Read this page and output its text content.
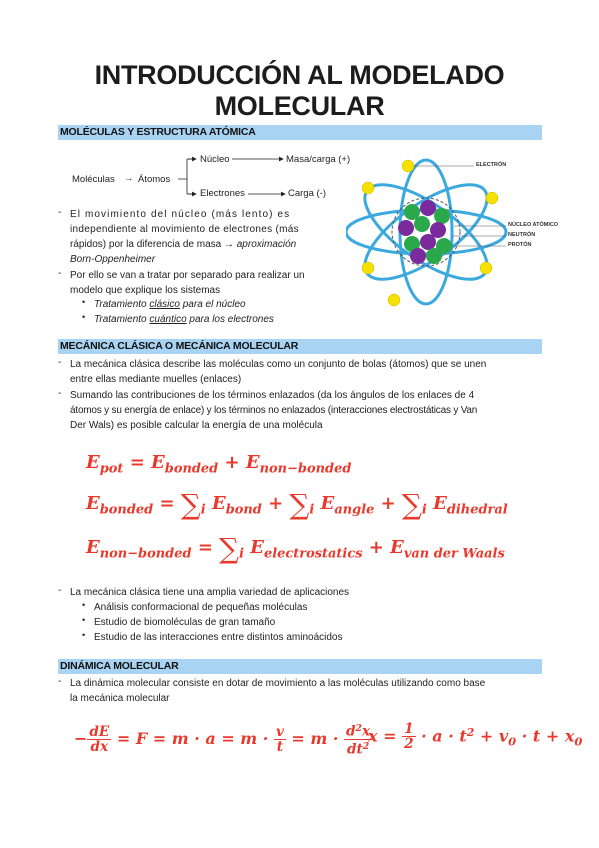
INTRODUCCIÓN AL MODELADO
MOLECULAR
MOLÉCULAS Y ESTRUCTURA ATÓMICA
Moléculas → Átomos
Núcleo	Masa/carga (+)
Electrones	Carga (-)
- El movimiento del núcleo (más lento) es
independiente al movimiento de electrones (más
rápidos) por la diferencia de masa → aproximación
Born-Oppenheimer
- Por ello se van a tratar por separado para realizar un
modelo que explique los sistemas
• Tratamiento clásico para el núcleo
• Tratamiento cuántico para los electrones
ELECTRÓN
NÚCLEO ATÓMICO
NEUTRÓN
PROTÓN
MECÁNICA CLÁSICA O MECÁNICA MOLECULAR
- La mecánica clásica describe las moléculas como un conjunto de bolas (átomos) que se unen
entre ellas mediante muelles (enlaces)
- Sumando las contribuciones de los términos enlazados (da los ángulos de los enlaces de 4
átomos y su energía de enlace) y los términos no enlazados (interacciones electrostáticas y Van
Der Wals) es posible calcular la energía de una molécula
$E_{pot} = E_{bonded} + E_{non-bonded}$
$E_{bonded} = \sum_i$ $E_{bond} + \sum_i$ $E_{angle} + \sum_i$ $E_{dihedral}$
$E_{non-bonded} = \sum_i$ $E_{electrostatics} + E_{van der Waals}$
- La mecánica clásica tiene una amplia variedad de aplicaciones
• Análisis conformacional de pequeñas moléculas
• Estudio de biomoléculas de gran tamaño
• Estudio de las interacciones entre distintos aminoácidos
DINÁMICA MOLECULAR
- La dinámica molecular consiste en dotar de movimiento a las moléculas utilizando como base
la mecánica molecular
− $\frac{dE}{dx} = F = m \cdot a = m \cdot \frac{v}{t} = m \cdot \frac{d^2x}{dt^2}$
$x = \frac{1}{2} \cdot a \cdot t^2 + v_0 \cdot t + x_0$
